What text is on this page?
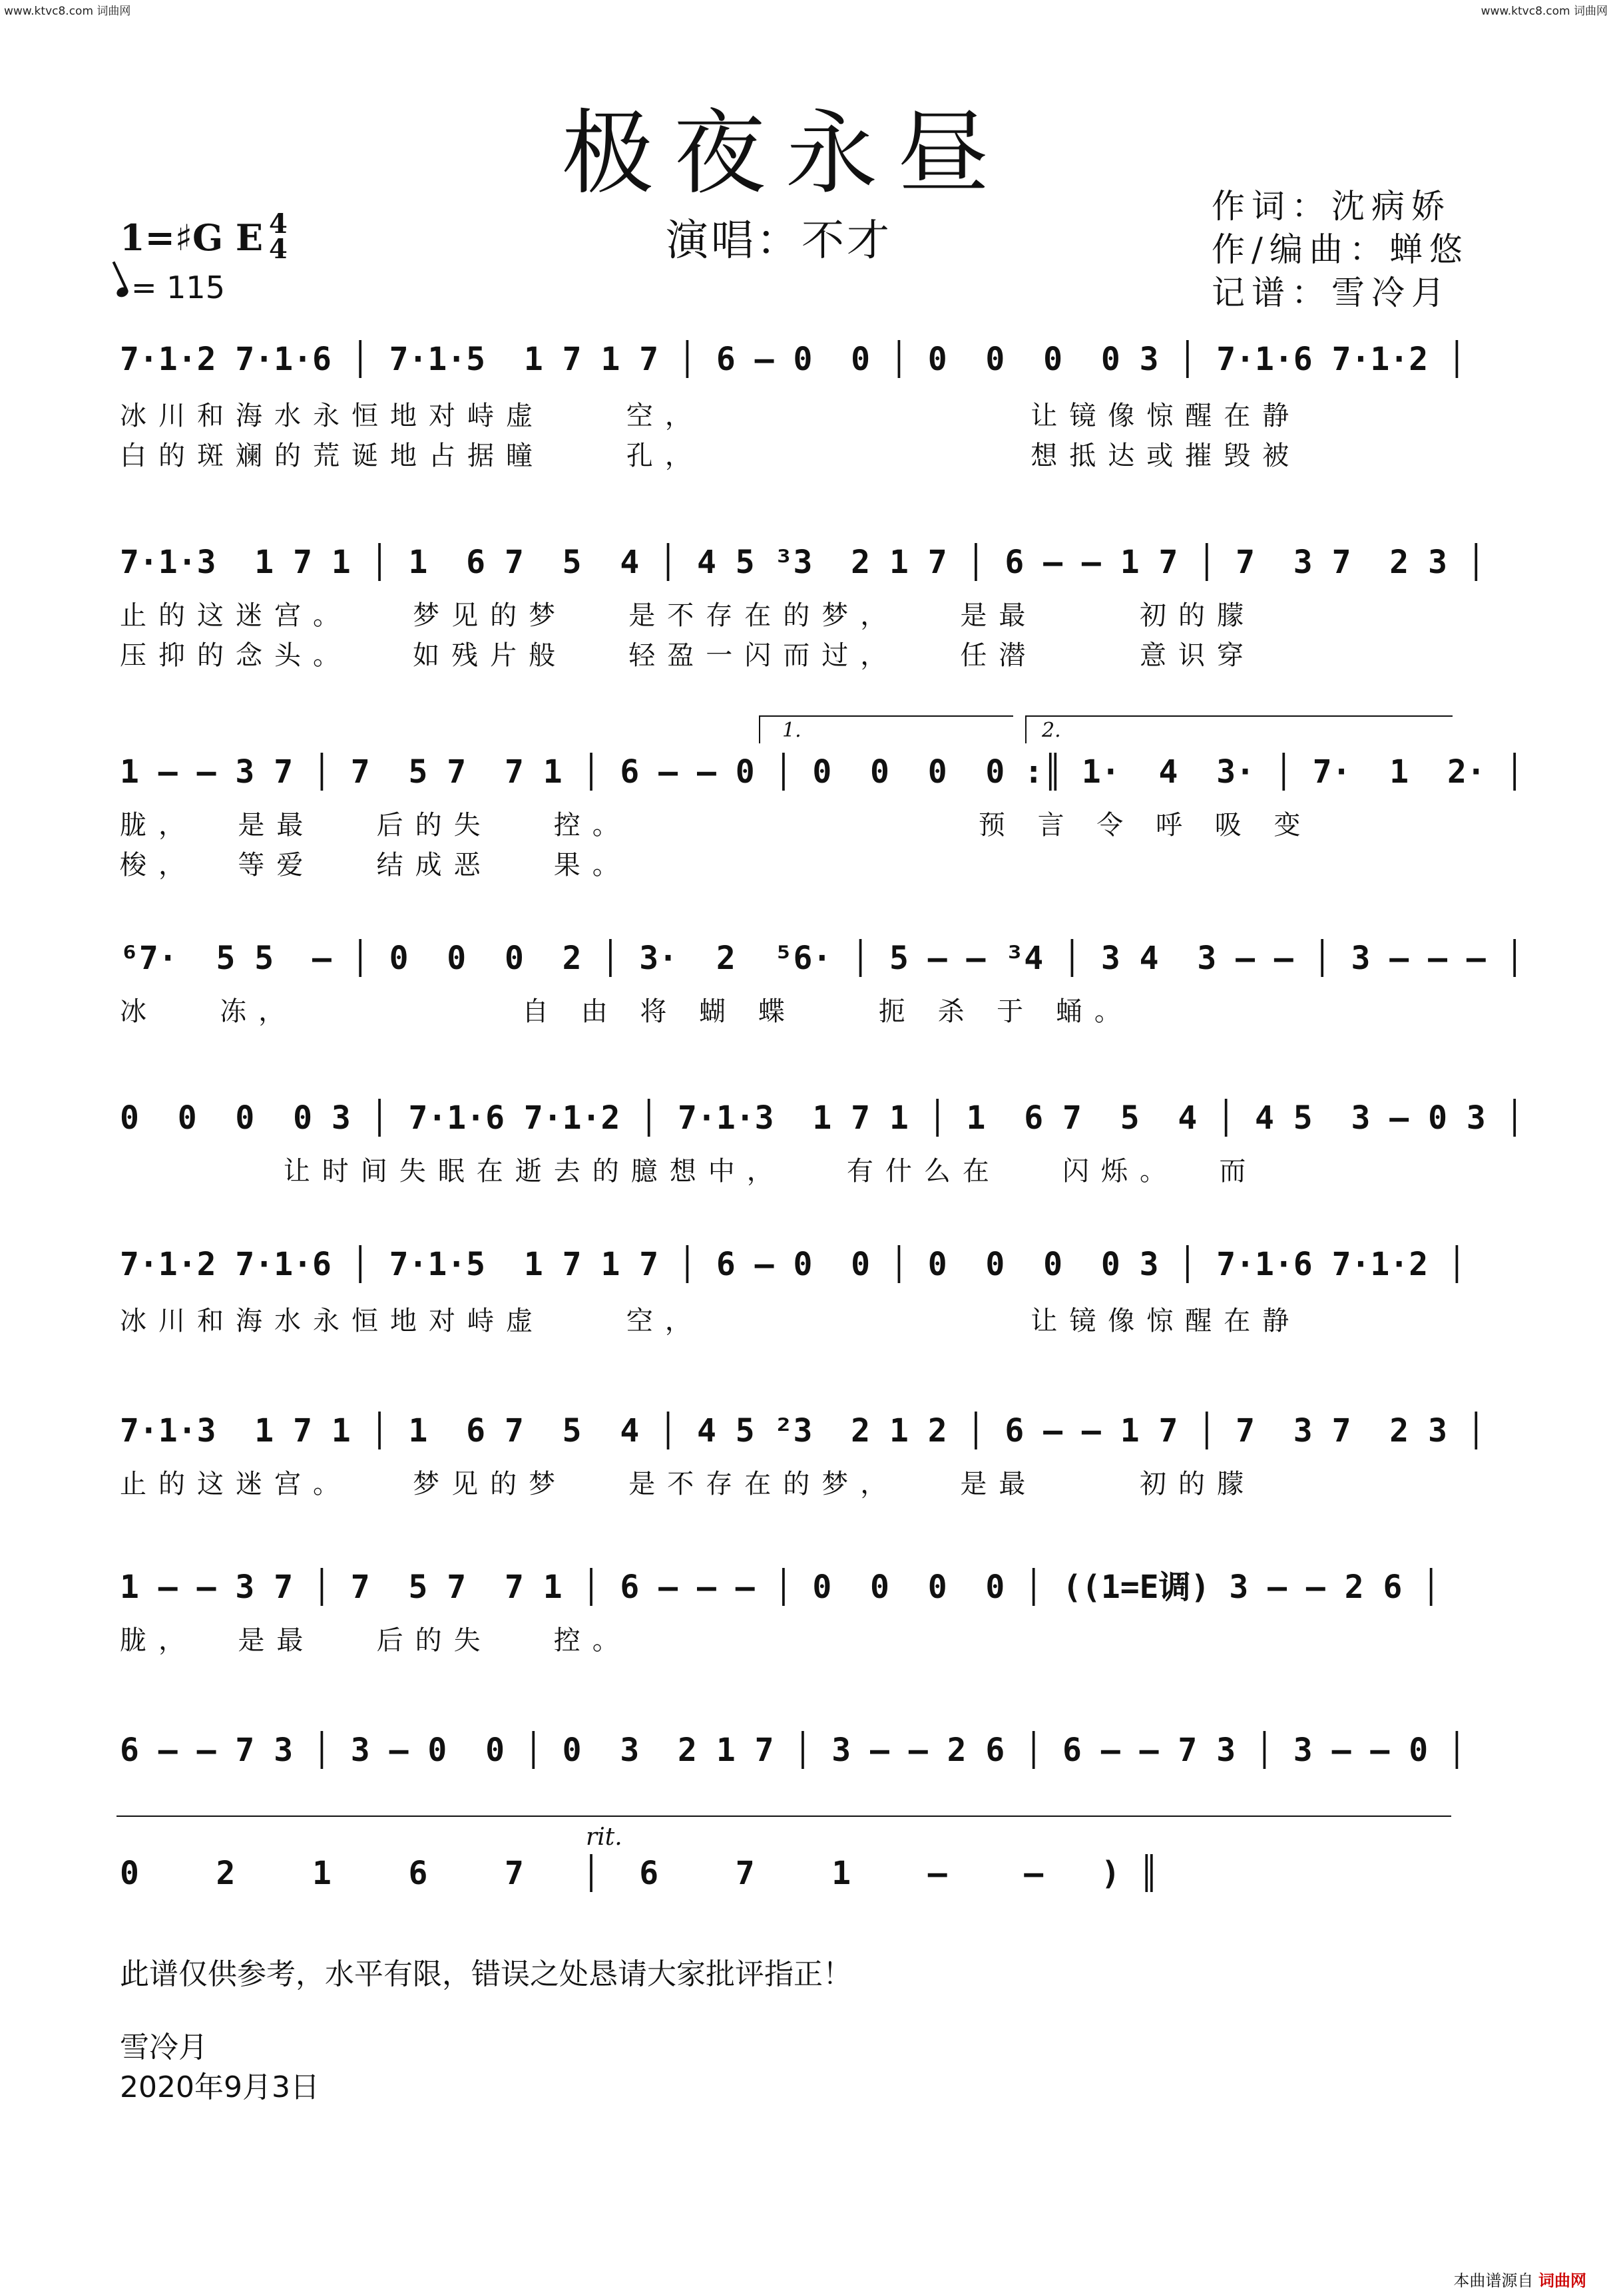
www.ktvc8.com 词曲网	www.ktvc8.com 词曲网
极夜永昼
演唱：不才
作词：沈病娇
作/编曲：蝉悠
记谱：雪冷月
1=♯G E 4
4
= 115
7·1·2 7·1·6 │ 7·1·5  1 7 1 7 │ 6 – 0  0 │ 0  0  0  0 3 │ 7·1·6 7·1·2 │
冰川和海水永恒地对峙虚    空，                让镜像惊醒在静
白的斑斓的荒诞地占据瞳    孔，                想抵达或摧毁被
7·1·3  1 7 1 │ 1  6 7  5  4 │ 4 5 ³3  2 1 7 │ 6 – – 1 7 │ 7  3 7  2 3 │
止的这迷宫。   梦见的梦   是不存在的梦，   是最     初的朦
压抑的念头。   如残片般   轻盈一闪而过，   任潜     意识穿
1.	2.
1 – – 3 7 │ 7  5 7  7 1 │ 6 – – 0 │ 0  0  0  0 :║ 1·  4  3· │ 7·  1  2· │
胧，  是最   后的失   控。                 预 言 令 呼 吸 变
梭，  等爱   结成恶   果。
⁶7·  5 5  – │ 0  0  0  2 │ 3·  2  ⁵6· │ 5 – – ³4 │ 3 4  3 – – │ 3 – – – │
冰   冻，           自 由 将 蝴 蝶    扼 杀 于 蛹。
0  0  0  0 3 │ 7·1·6 7·1·2 │ 7·1·3  1 7 1 │ 1  6 7  5  4 │ 4 5  3 – 0 3 │
让时间失眠在逝去的臆想中，   有什么在   闪烁。  而
7·1·2 7·1·6 │ 7·1·5  1 7 1 7 │ 6 – 0  0 │ 0  0  0  0 3 │ 7·1·6 7·1·2 │
冰川和海水永恒地对峙虚    空，                让镜像惊醒在静
7·1·3  1 7 1 │ 1  6 7  5  4 │ 4 5 ²3  2 1 2 │ 6 – – 1 7 │ 7  3 7  2 3 │
止的这迷宫。   梦见的梦   是不存在的梦，   是最     初的朦
1 – – 3 7 │ 7  5 7  7 1 │ 6 – – – │ 0  0  0  0 │ ((1=E调) 3 – – 2 6 │
胧，  是最   后的失   控。
6 – – 7 3 │ 3 – 0  0 │ 0  3  2 1 7 │ 3 – – 2 6 │ 6 – – 7 3 │ 3 – – 0 │
rit.
0    2    1    6    7   │  6    7    1    –    –   ) ║
此谱仅供参考，水平有限，错误之处恳请大家批评指正！
雪冷月
2020年9月3日
本曲谱源自 词曲网
